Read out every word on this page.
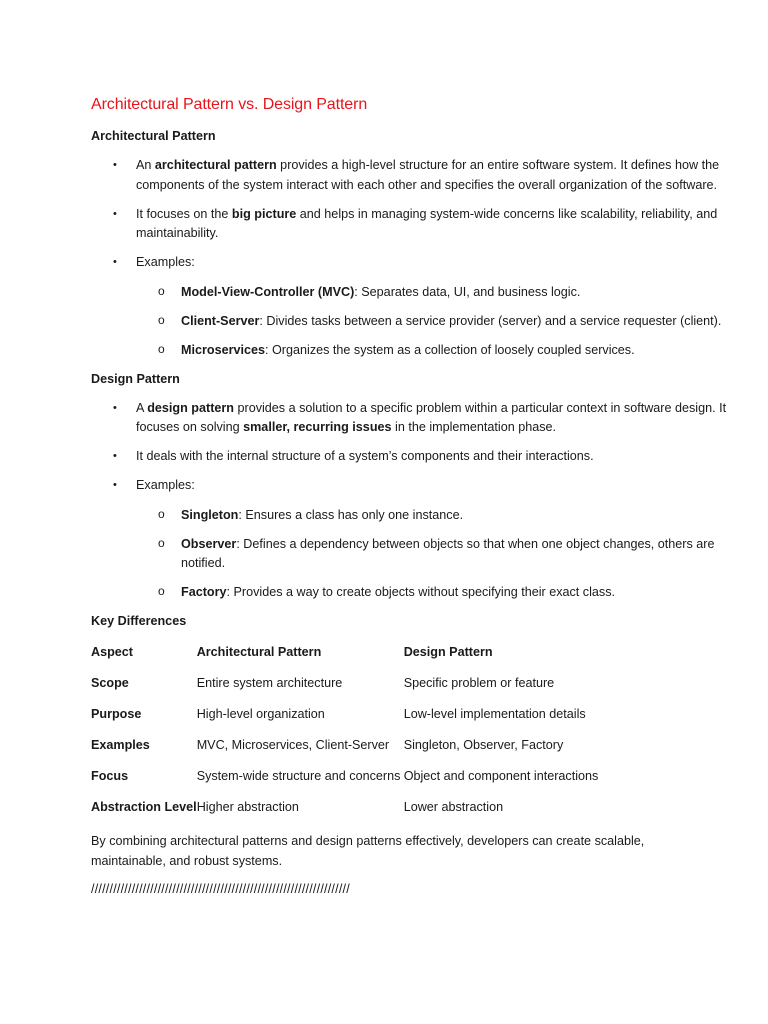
Architectural Pattern vs. Design Pattern
Architectural Pattern
• An architectural pattern provides a high-level structure for an entire software system. It defines how the components of the system interact with each other and specifies the overall organization of the software.
• It focuses on the big picture and helps in managing system-wide concerns like scalability, reliability, and maintainability.
• Examples:
o Model-View-Controller (MVC): Separates data, UI, and business logic.
o Client-Server: Divides tasks between a service provider (server) and a service requester (client).
o Microservices: Organizes the system as a collection of loosely coupled services.
Design Pattern
• A design pattern provides a solution to a specific problem within a particular context in software design. It focuses on solving smaller, recurring issues in the implementation phase.
• It deals with the internal structure of a system’s components and their interactions.
• Examples:
o Singleton: Ensures a class has only one instance.
o Observer: Defines a dependency between objects so that when one object changes, others are notified.
o Factory: Provides a way to create objects without specifying their exact class.
Key Differences
Aspect	Architectural Pattern	Design Pattern
Scope	Entire system architecture	Specific problem or feature
Purpose	High-level organization	Low-level implementation details
Examples	MVC, Microservices, Client-Server	Singleton, Observer, Factory
Focus	System-wide structure and concerns	Object and component interactions
Abstraction Level	Higher abstraction	Lower abstraction

By combining architectural patterns and design patterns effectively, developers can create scalable, maintainable, and robust systems.

//////////////////////////////////////////////////////////////////////
